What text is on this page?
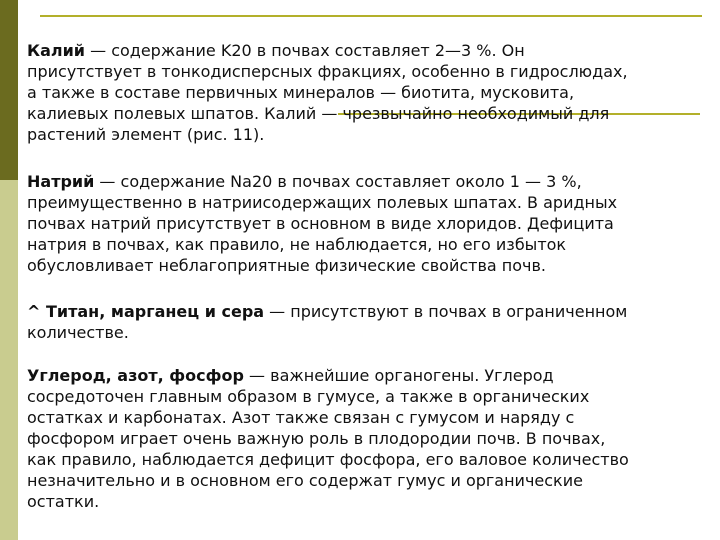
Калий — содержание K20 в почвах составляет 2—3 %. Он
присутствует в тонкодисперсных фракциях, особенно в гидрослюдах,
а также в составе первичных минералов — биотита, мусковита,
калиевых полевых шпатов. Калий — чрезвычайно необходимый для
растений элемент (рис. 11).

Натрий — содержание Na20 в почвах составляет около 1 — 3 %,
преимущественно в натриисодержащих полевых шпатах. В аридных
почвах натрий присутствует в основном в виде хлоридов. Дефицита
натрия в почвах, как правило, не наблюдается, но его избыток
обусловливает неблагоприятные физические свойства почв.

^ Титан, марганец и сера — присутствуют в почвах в ограниченном
количестве.

Углерод, азот, фосфор — важнейшие органогены. Углерод
сосредоточен главным образом в гумусе, а также в органических
остатках и карбонатах. Азот также связан с гумусом и наряду с
фосфором играет очень важную роль в плодородии почв. В почвах,
как правило, наблюдается дефицит фосфора, его валовое количество
незначительно и в основном его содержат гумус и органические
остатки.
